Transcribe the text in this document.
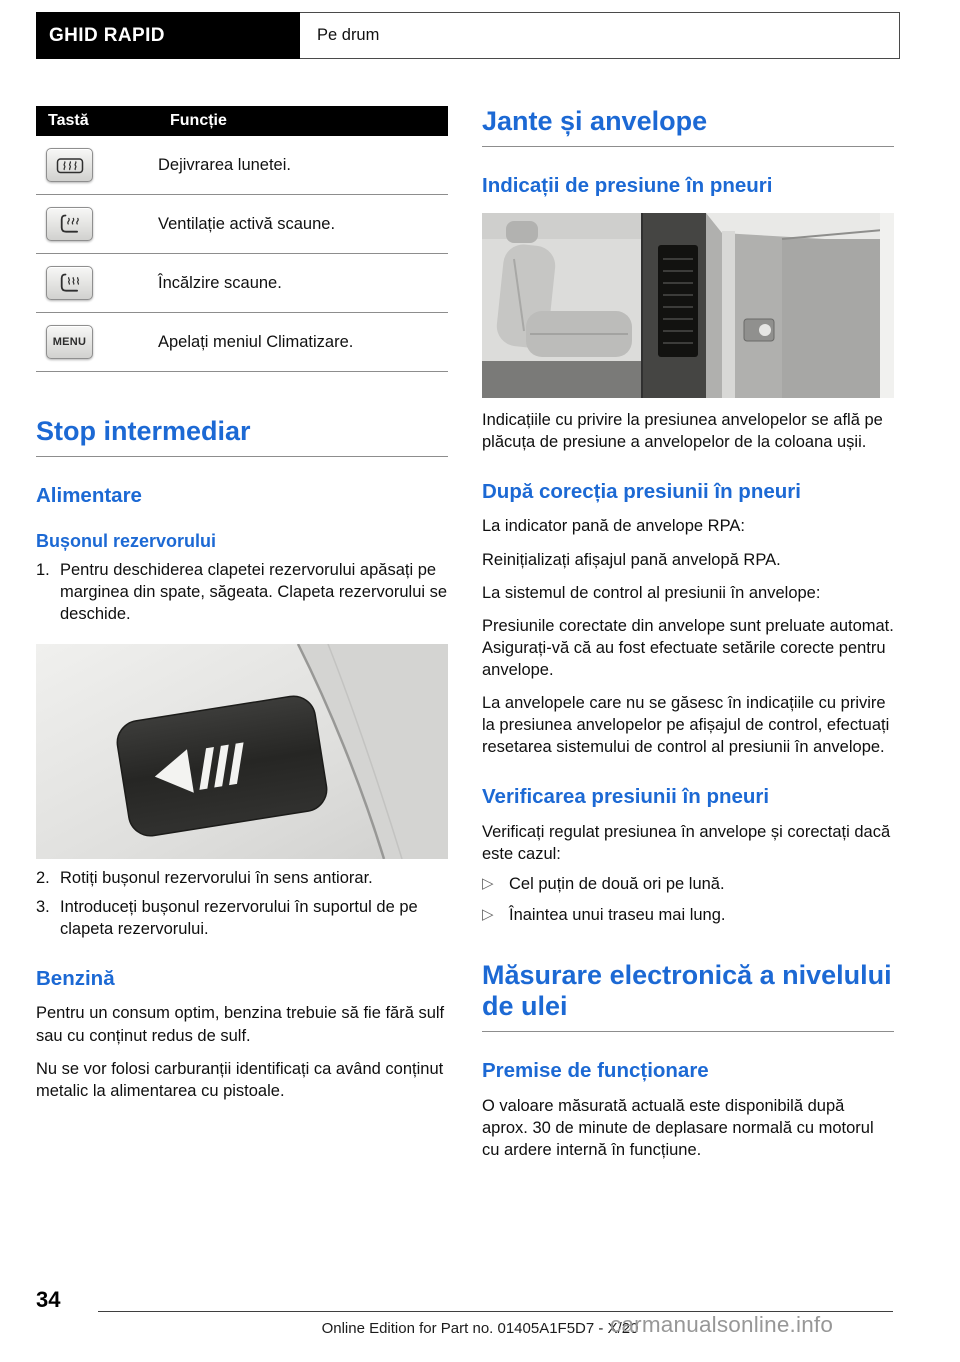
GHID RAPID	Pe drum
Tastă	Funcție

	Dejivrarea lunetei.

	Ventilație activă scaune.

	Încălzire scaune.

MENU	Apelați meniul Climatizare.
Stop intermediar
Alimentare
Bușonul rezervorului
1. Pentru deschiderea clapetei rezervorului apăsați pe marginea din spate, săgeata. Clapeta rezervorului se deschide.
2. Rotiți bușonul rezervorului în sens antiorar.
3. Introduceți bușonul rezervorului în suportul de pe clapeta rezervorului.
Benzină

Pentru un consum optim, benzina trebuie să fie fără sulf sau cu conținut redus de sulf.

Nu se vor folosi carburanții identificați ca având conținut metalic la alimentarea cu pistoale.

Jante și anvelope
Indicații de presiune în pneuri

Indicațiile cu privire la presiunea anvelopelor se află pe plăcuța de presiune a anvelopelor de la coloana ușii.

După corecția presiunii în pneuri

La indicator pană de anvelope RPA:

Reinițializați afișajul pană anvelopă RPA.

La sistemul de control al presiunii în anvelope:

Presiunile corectate din anvelope sunt preluate automat. Asigurați-vă că au fost efectuate setările corecte pentru anvelope.

La anvelopele care nu se găsesc în indicațiile cu privire la presiunea anvelopelor pe afișajul de control, efectuați resetarea sistemului de control al presiunii în anvelope.

Verificarea presiunii în pneuri

Verificați regulat presiunea în anvelope și corectați dacă este cazul:

▷ Cel puțin de două ori pe lună.
▷ Înaintea unui traseu mai lung.
Măsurare electronică a nivelului de ulei
Premise de funcționare

O valoare măsurată actuală este disponibilă după aprox. 30 de minute de deplasare normală cu motorul cu ardere internă în funcțiune.

34
Online Edition for Part no. 01405A1F5D7 - X/20
carmanualsonline.info
